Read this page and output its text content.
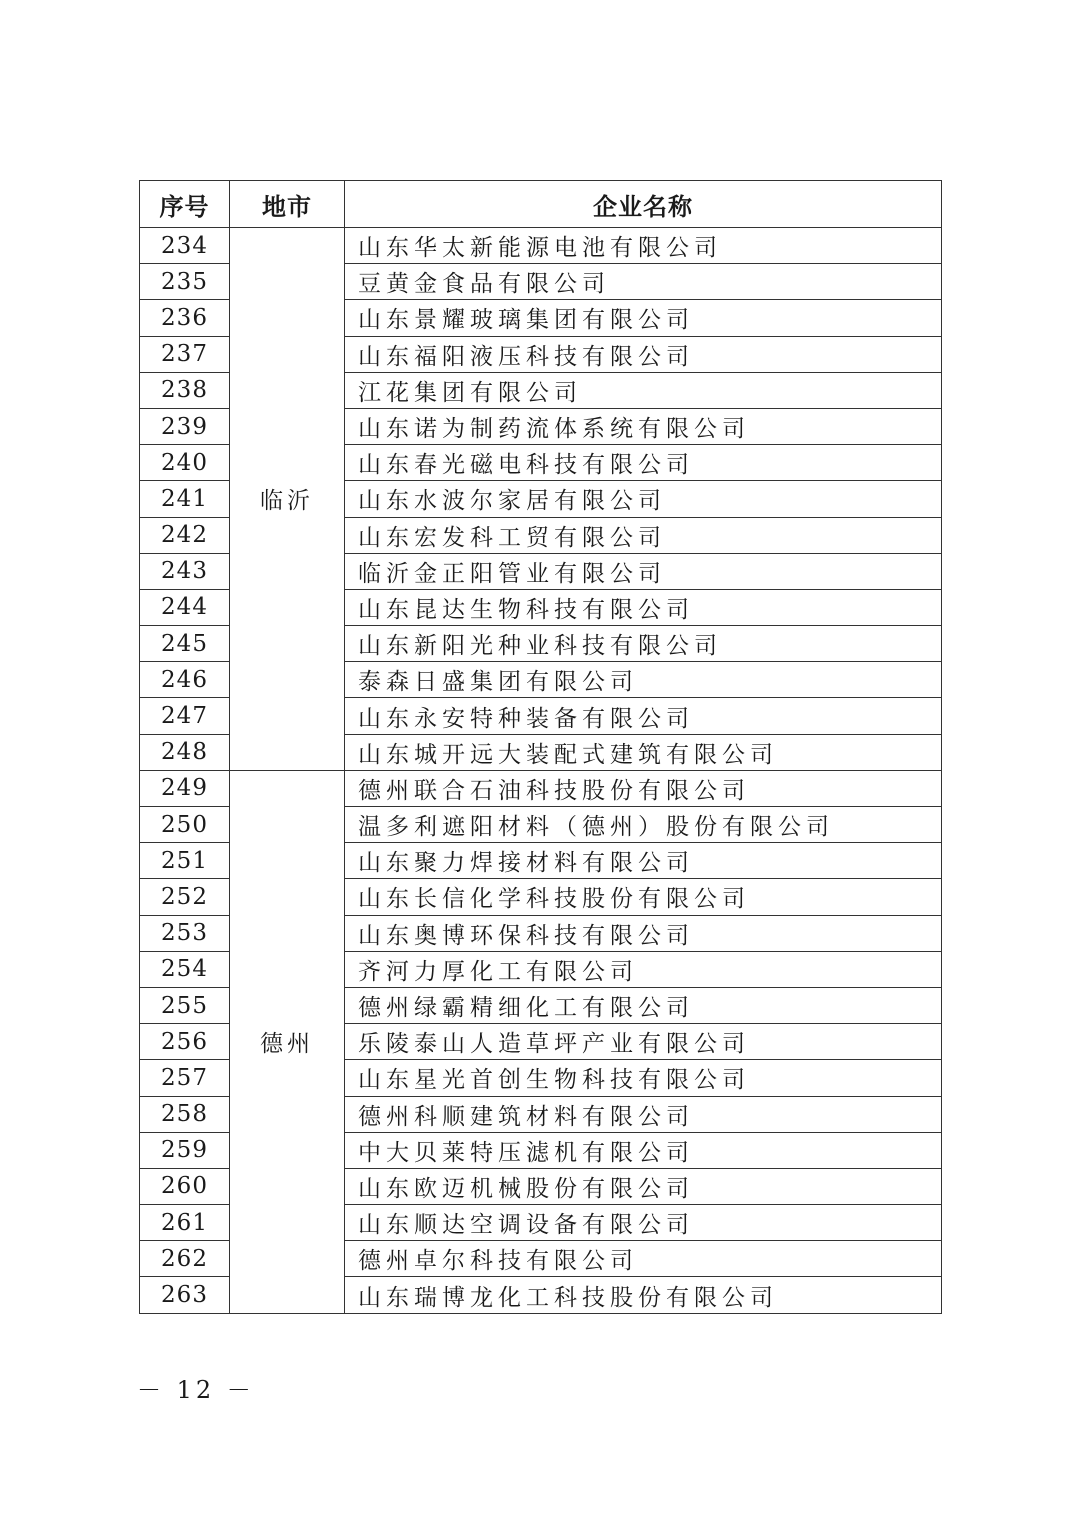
序号	地市	企业名称
234	临沂	山东华太新能源电池有限公司
235		豆黄金食品有限公司
236		山东景耀玻璃集团有限公司
237		山东福阳液压科技有限公司
238		江花集团有限公司
239		山东诺为制药流体系统有限公司
240		山东春光磁电科技有限公司
241		山东水波尔家居有限公司
242		山东宏发科工贸有限公司
243		临沂金正阳管业有限公司
244		山东昆达生物科技有限公司
245		山东新阳光种业科技有限公司
246		泰森日盛集团有限公司
247		山东永安特种装备有限公司
248		山东城开远大装配式建筑有限公司
249	德州	德州联合石油科技股份有限公司
250		温多利遮阳材料（德州）股份有限公司
251		山东聚力焊接材料有限公司
252		山东长信化学科技股份有限公司
253		山东奥博环保科技有限公司
254		齐河力厚化工有限公司
255		德州绿霸精细化工有限公司
256		乐陵泰山人造草坪产业有限公司
257		山东星光首创生物科技有限公司
258		德州科顺建筑材料有限公司
259		中大贝莱特压滤机有限公司
260		山东欧迈机械股份有限公司
261		山东顺达空调设备有限公司
262		德州卓尔科技有限公司
263		山东瑞博龙化工科技股份有限公司
－ 12 －
